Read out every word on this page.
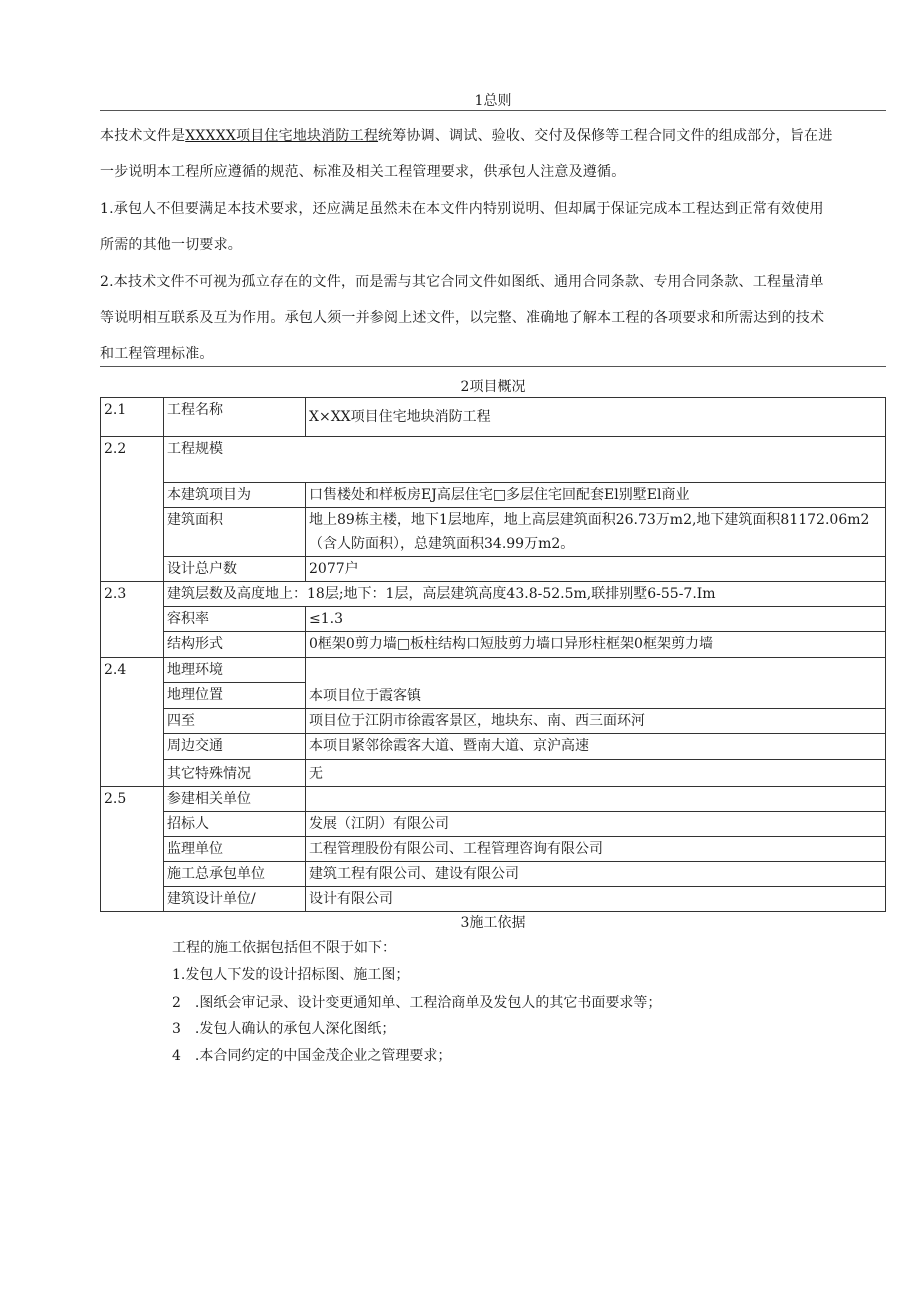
1总则

本技术文件是XXXXX项目住宅地块消防工程统筹协调、调试、验收、交付及保修等工程合同文件的组成部分，旨在进

一步说明本工程所应遵循的规范、标准及相关工程管理要求，供承包人注意及遵循。

1.承包人不但要满足本技术要求，还应满足虽然未在本文件内特别说明、但却属于保证完成本工程达到正常有效使用

所需的其他一切要求。

2.本技术文件不可视为孤立存在的文件，而是需与其它合同文件如图纸、通用合同条款、专用合同条款、工程量清单

等说明相互联系及互为作用。承包人须一并参阅上述文件，以完整、准确地了解本工程的各项要求和所需达到的技术

和工程管理标准。

2项目概况
2.1	工程名称	X×XX项目住宅地块消防工程
2.2	工程规模	
	本建筑项目为	口售楼处和样板房EJ高层住宅□多层住宅回配套El别墅El商业
	建筑面积	地上89栋主楼，地下1层地库，地上高层建筑面积26.73万m2,地下建筑面积81172.06m2（含人防面积），总建筑面积34.99万m2。
	设计总户数	2077户
2.3	建筑层数及高度地上：18层;地下：1层，高层建筑高度43.8-52.5m,联排别墅6-55-7.Im	
	容积率	≤1.3
	结构形式	0框架0剪力墙□板柱结构口短肢剪力墙口异形柱框架0框架剪力墙
2.4	地理环境	本项目位于霞客镇
	地理位置	
	四至	项目位于江阴市徐霞客景区，地块东、南、西三面环河
	周边交通	本项目紧邻徐霞客大道、暨南大道、京沪高速
	其它特殊情况	无
2.5	参建相关单位	
	招标人	发展（江阴）有限公司
	监理单位	工程管理股份有限公司、工程管理咨询有限公司
	施工总承包单位	建筑工程有限公司、建设有限公司
	建筑设计单位/	设计有限公司
3施工依据
工程的施工依据包括但不限于如下：
1.发包人下发的设计招标图、施工图；
2 .图纸会审记录、设计变更通知单、工程洽商单及发包人的其它书面要求等；
3 .发包人确认的承包人深化图纸；
4 .本合同约定的中国金茂企业之管理要求；
